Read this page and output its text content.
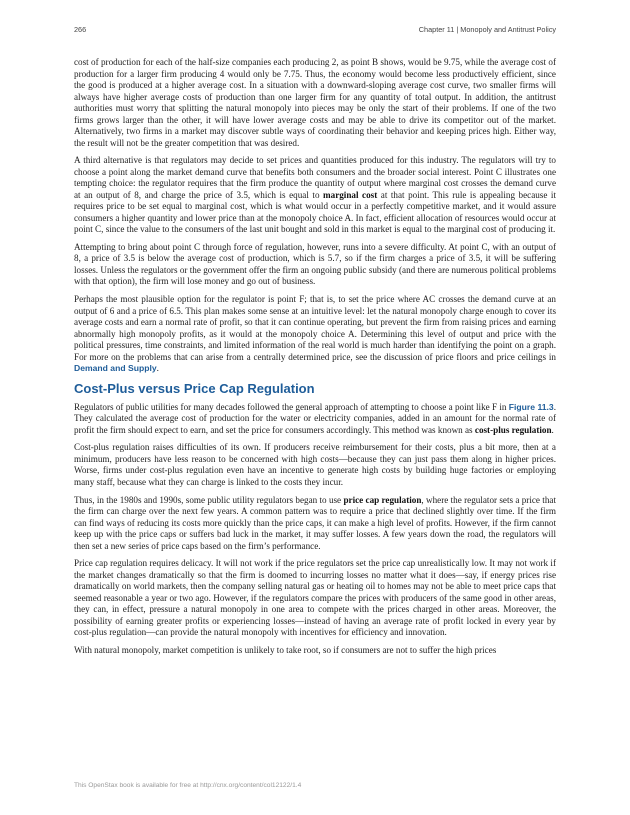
266	Chapter 11 | Monopoly and Antitrust Policy

cost of production for each of the half-size companies each producing 2, as point B shows, would be 9.75, while the average cost of production for a larger firm producing 4 would only be 7.75. Thus, the economy would become less productively efficient, since the good is produced at a higher average cost. In a situation with a downward-sloping average cost curve, two smaller firms will always have higher average costs of production than one larger firm for any quantity of total output. In addition, the antitrust authorities must worry that splitting the natural monopoly into pieces may be only the start of their problems. If one of the two firms grows larger than the other, it will have lower average costs and may be able to drive its competitor out of the market. Alternatively, two firms in a market may discover subtle ways of coordinating their behavior and keeping prices high. Either way, the result will not be the greater competition that was desired.

A third alternative is that regulators may decide to set prices and quantities produced for this industry. The regulators will try to choose a point along the market demand curve that benefits both consumers and the broader social interest. Point C illustrates one tempting choice: the regulator requires that the firm produce the quantity of output where marginal cost crosses the demand curve at an output of 8, and charge the price of 3.5, which is equal to marginal cost at that point. This rule is appealing because it requires price to be set equal to marginal cost, which is what would occur in a perfectly competitive market, and it would assure consumers a higher quantity and lower price than at the monopoly choice A. In fact, efficient allocation of resources would occur at point C, since the value to the consumers of the last unit bought and sold in this market is equal to the marginal cost of producing it.

Attempting to bring about point C through force of regulation, however, runs into a severe difficulty. At point C, with an output of 8, a price of 3.5 is below the average cost of production, which is 5.7, so if the firm charges a price of 3.5, it will be suffering losses. Unless the regulators or the government offer the firm an ongoing public subsidy (and there are numerous political problems with that option), the firm will lose money and go out of business.

Perhaps the most plausible option for the regulator is point F; that is, to set the price where AC crosses the demand curve at an output of 6 and a price of 6.5. This plan makes some sense at an intuitive level: let the natural monopoly charge enough to cover its average costs and earn a normal rate of profit, so that it can continue operating, but prevent the firm from raising prices and earning abnormally high monopoly profits, as it would at the monopoly choice A. Determining this level of output and price with the political pressures, time constraints, and limited information of the real world is much harder than identifying the point on a graph. For more on the problems that can arise from a centrally determined price, see the discussion of price floors and price ceilings in Demand and Supply.

Cost-Plus versus Price Cap Regulation

Regulators of public utilities for many decades followed the general approach of attempting to choose a point like F in Figure 11.3. They calculated the average cost of production for the water or electricity companies, added in an amount for the normal rate of profit the firm should expect to earn, and set the price for consumers accordingly. This method was known as cost-plus regulation.

Cost-plus regulation raises difficulties of its own. If producers receive reimbursement for their costs, plus a bit more, then at a minimum, producers have less reason to be concerned with high costs—because they can just pass them along in higher prices. Worse, firms under cost-plus regulation even have an incentive to generate high costs by building huge factories or employing many staff, because what they can charge is linked to the costs they incur.

Thus, in the 1980s and 1990s, some public utility regulators began to use price cap regulation, where the regulator sets a price that the firm can charge over the next few years. A common pattern was to require a price that declined slightly over time. If the firm can find ways of reducing its costs more quickly than the price caps, it can make a high level of profits. However, if the firm cannot keep up with the price caps or suffers bad luck in the market, it may suffer losses. A few years down the road, the regulators will then set a new series of price caps based on the firm’s performance.

Price cap regulation requires delicacy. It will not work if the price regulators set the price cap unrealistically low. It may not work if the market changes dramatically so that the firm is doomed to incurring losses no matter what it does—say, if energy prices rise dramatically on world markets, then the company selling natural gas or heating oil to homes may not be able to meet price caps that seemed reasonable a year or two ago. However, if the regulators compare the prices with producers of the same good in other areas, they can, in effect, pressure a natural monopoly in one area to compete with the prices charged in other areas. Moreover, the possibility of earning greater profits or experiencing losses—instead of having an average rate of profit locked in every year by cost-plus regulation—can provide the natural monopoly with incentives for efficiency and innovation.

With natural monopoly, market competition is unlikely to take root, so if consumers are not to suffer the high prices

This OpenStax book is available for free at http://cnx.org/content/col12122/1.4
